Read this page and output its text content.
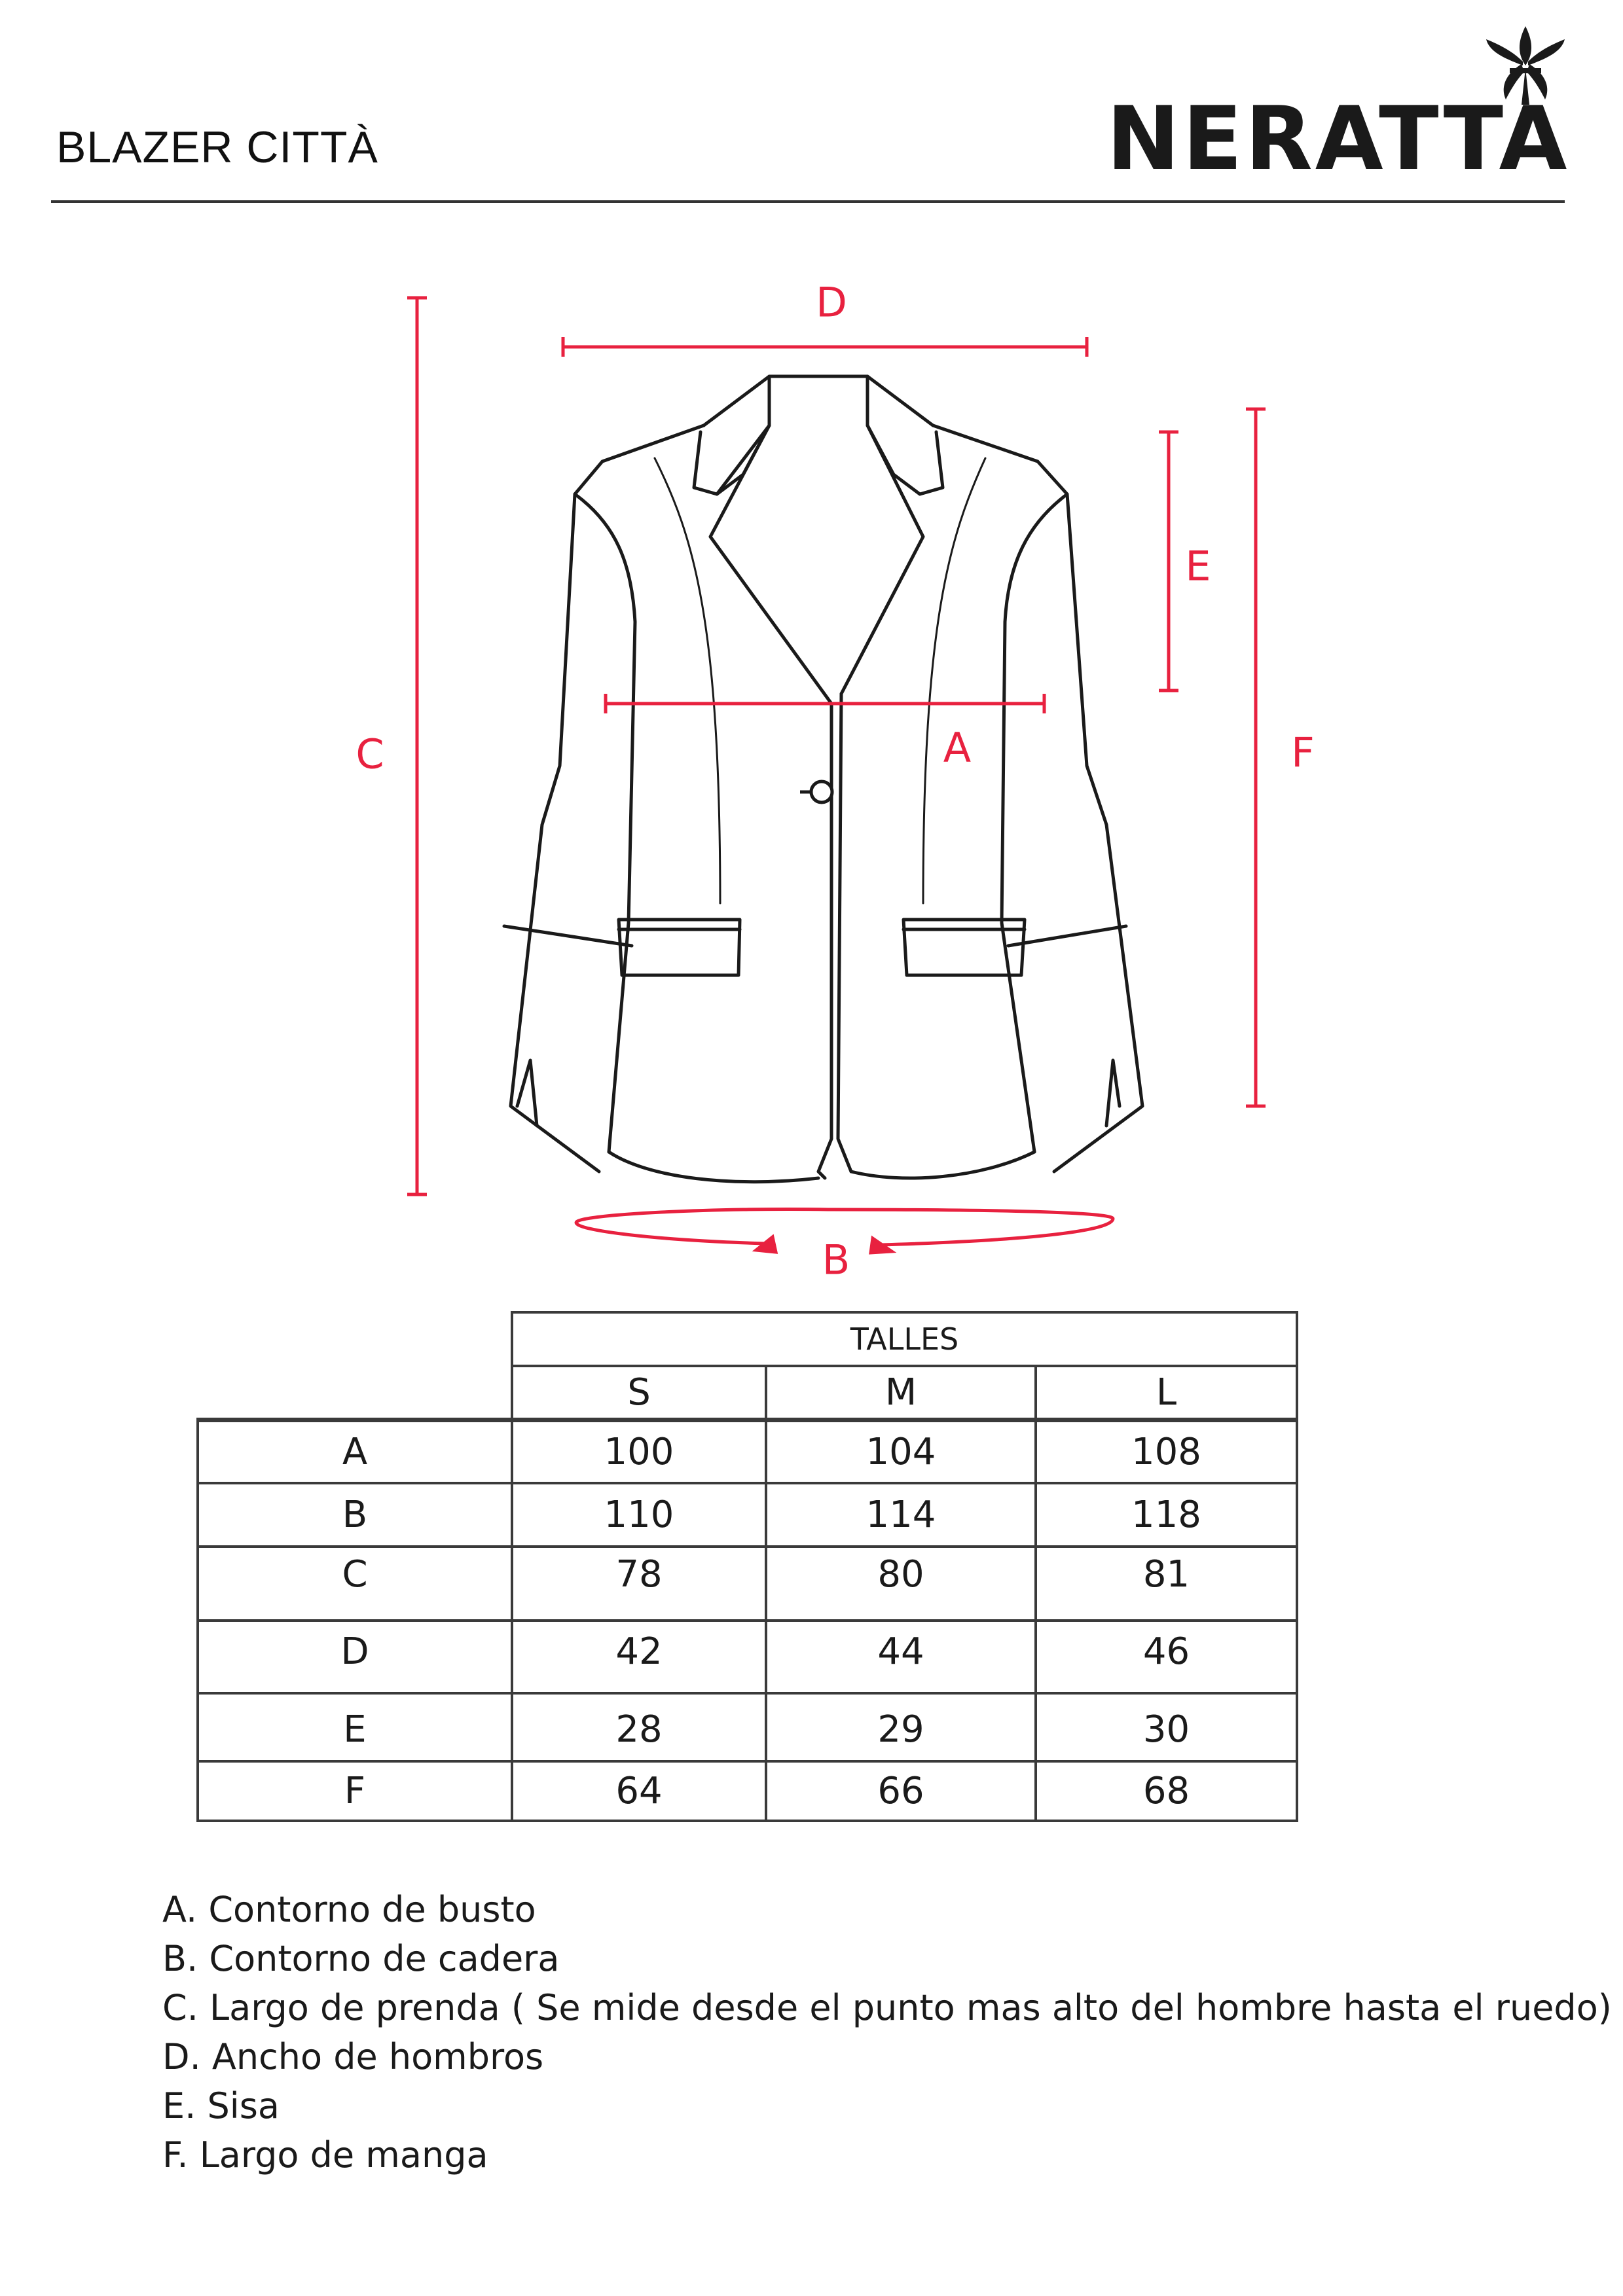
BLAZER CITTÀ	NERATTA
D
C
E
F
A
B
TALLES
S	M	L
A	100	104	108
B	110	114	118
C	78	80	81
D	42	44	46
E	28	29	30
F	64	66	68
A. Contorno de busto
B. Contorno de cadera
C. Largo de prenda ( Se mide desde el punto mas alto del hombre hasta el ruedo)
D. Ancho de hombros
E. Sisa
F. Largo de manga
